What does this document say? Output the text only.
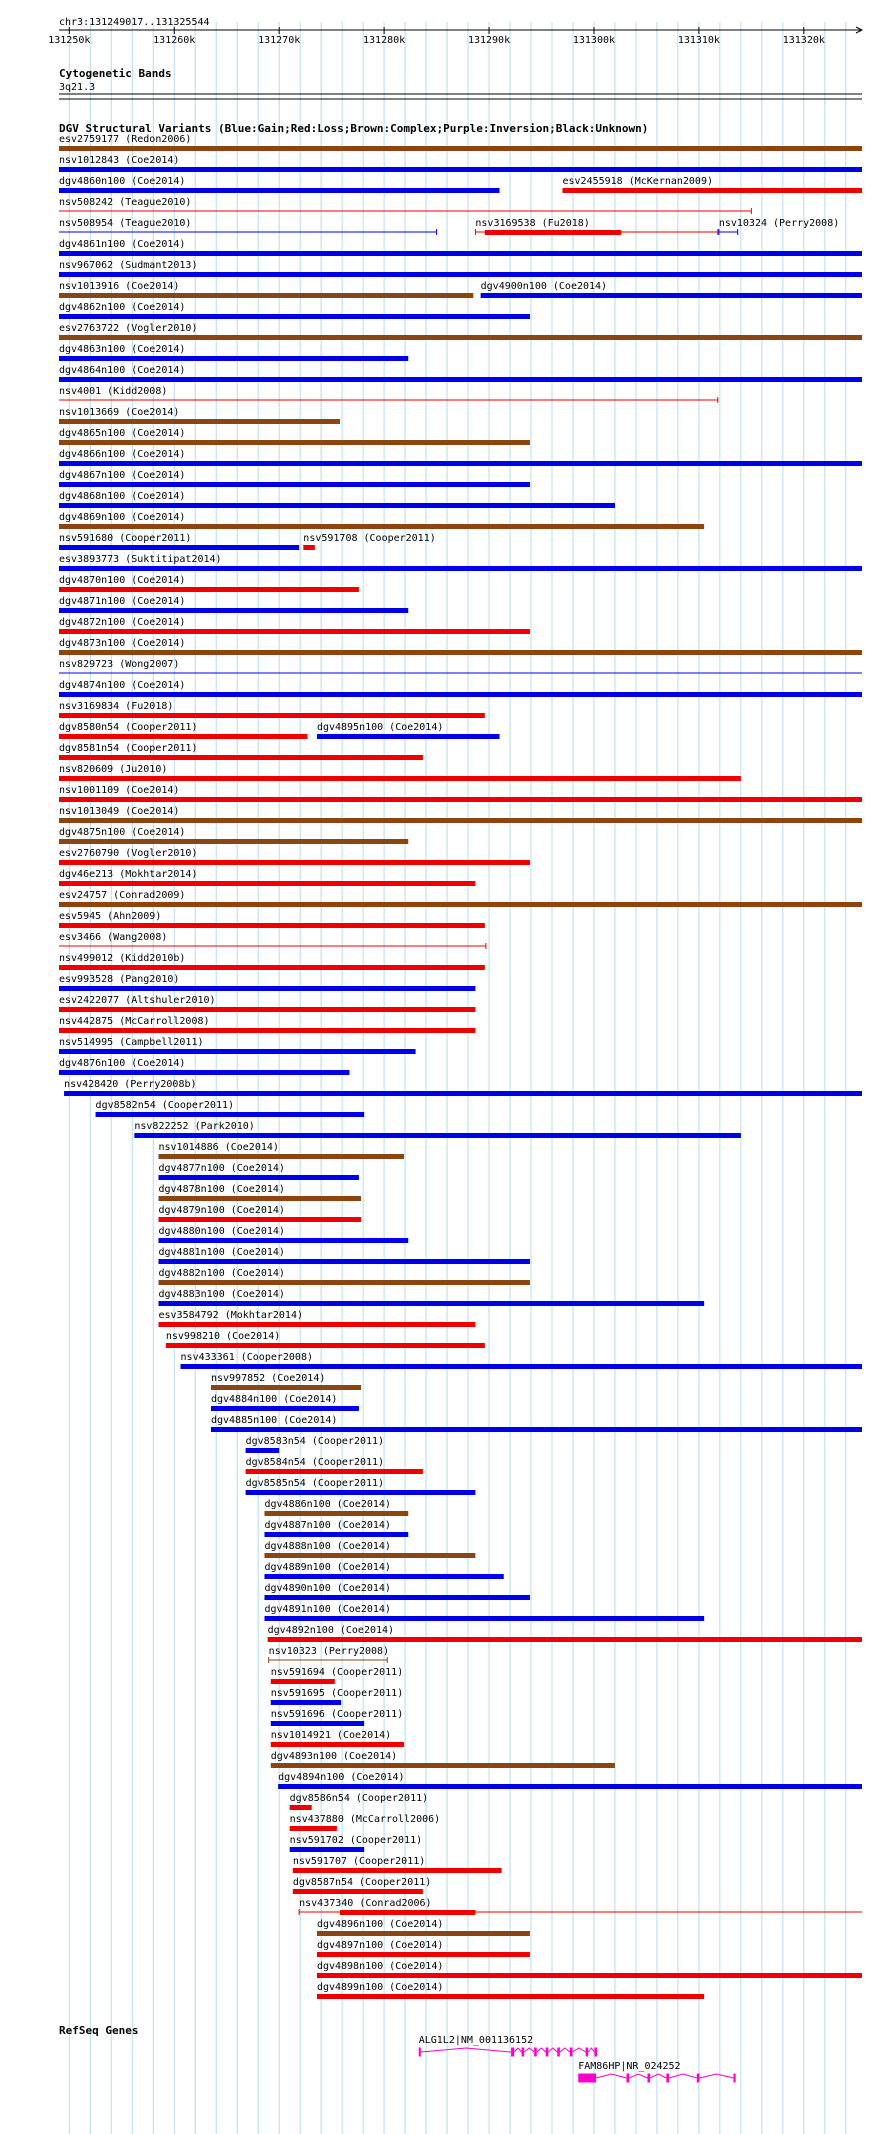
chr3:131249017..131325544
131250k	131260k	131270k	131280k	131290k	131300k	131310k	131320k
Cytogenetic Bands
3q21.3
DGV Structural Variants (Blue:Gain;Red:Loss;Brown:Complex;Purple:Inversion;Black:Unknown)
esv2759177 (Redon2006)
nsv1012843 (Coe2014)
dgv4860n100 (Coe2014)	esv2455918 (McKernan2009)
nsv508242 (Teague2010)
nsv508954 (Teague2010)	nsv3169538 (Fu2018)	nsv10324 (Perry2008)
dgv4861n100 (Coe2014)
nsv967062 (Sudmant2013)
nsv1013916 (Coe2014)	dgv4900n100 (Coe2014)
dgv4862n100 (Coe2014)
esv2763722 (Vogler2010)
dgv4863n100 (Coe2014)
dgv4864n100 (Coe2014)
nsv4001 (Kidd2008)
nsv1013669 (Coe2014)
dgv4865n100 (Coe2014)
dgv4866n100 (Coe2014)
dgv4867n100 (Coe2014)
dgv4868n100 (Coe2014)
dgv4869n100 (Coe2014)
nsv591680 (Cooper2011)	nsv591708 (Cooper2011)
esv3893773 (Suktitipat2014)
dgv4870n100 (Coe2014)
dgv4871n100 (Coe2014)
dgv4872n100 (Coe2014)
dgv4873n100 (Coe2014)
nsv829723 (Wong2007)
dgv4874n100 (Coe2014)
nsv3169834 (Fu2018)
dgv8580n54 (Cooper2011)	dgv4895n100 (Coe2014)
dgv8581n54 (Cooper2011)
nsv820609 (Ju2010)
nsv1001109 (Coe2014)
nsv1013049 (Coe2014)
dgv4875n100 (Coe2014)
esv2760790 (Vogler2010)
dgv46e213 (Mokhtar2014)
esv24757 (Conrad2009)
esv5945 (Ahn2009)
esv3466 (Wang2008)
nsv499012 (Kidd2010b)
esv993528 (Pang2010)
esv2422077 (Altshuler2010)
nsv442875 (McCarroll2008)
nsv514995 (Campbell2011)
dgv4876n100 (Coe2014)
nsv428420 (Perry2008b)
dgv8582n54 (Cooper2011)
nsv822252 (Park2010)
nsv1014886 (Coe2014)
dgv4877n100 (Coe2014)
dgv4878n100 (Coe2014)
dgv4879n100 (Coe2014)
dgv4880n100 (Coe2014)
dgv4881n100 (Coe2014)
dgv4882n100 (Coe2014)
dgv4883n100 (Coe2014)
esv3584792 (Mokhtar2014)
nsv998210 (Coe2014)
nsv433361 (Cooper2008)
nsv997852 (Coe2014)
dgv4884n100 (Coe2014)
dgv4885n100 (Coe2014)
dgv8583n54 (Cooper2011)
dgv8584n54 (Cooper2011)
dgv8585n54 (Cooper2011)
dgv4886n100 (Coe2014)
dgv4887n100 (Coe2014)
dgv4888n100 (Coe2014)
dgv4889n100 (Coe2014)
dgv4890n100 (Coe2014)
dgv4891n100 (Coe2014)
dgv4892n100 (Coe2014)
nsv10323 (Perry2008)
nsv591694 (Cooper2011)
nsv591695 (Cooper2011)
nsv591696 (Cooper2011)
nsv1014921 (Coe2014)
dgv4893n100 (Coe2014)
dgv4894n100 (Coe2014)
dgv8586n54 (Cooper2011)
nsv437880 (McCarroll2006)
nsv591702 (Cooper2011)
nsv591707 (Cooper2011)
dgv8587n54 (Cooper2011)
nsv437340 (Conrad2006)
dgv4896n100 (Coe2014)
dgv4897n100 (Coe2014)
dgv4898n100 (Coe2014)
dgv4899n100 (Coe2014)
RefSeq Genes
ALG1L2|NM_001136152
FAM86HP|NR_024252
